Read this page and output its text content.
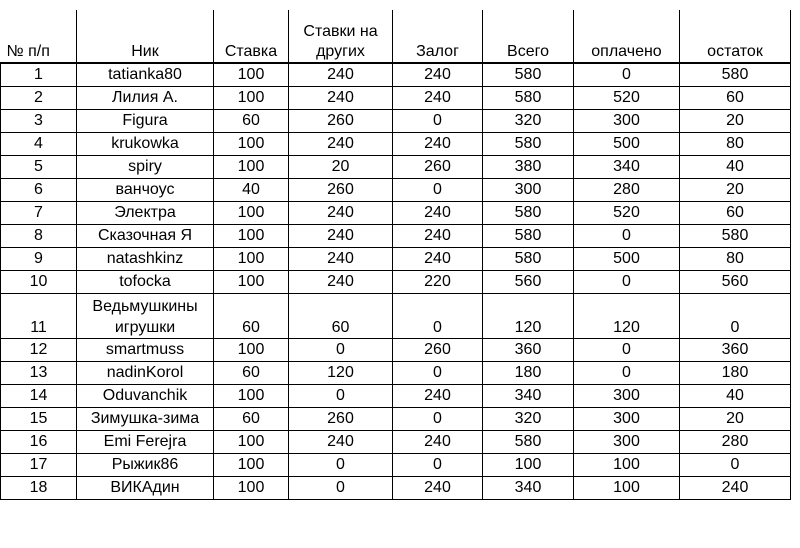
№ п/п	Ник	Ставка	Ставки на других	Залог	Всего	оплачено	остаток
1	tatianka80	100	240	240	580	0	580
2	Лилия А.	100	240	240	580	520	60
3	Figura	60	260	0	320	300	20
4	krukowka	100	240	240	580	500	80
5	spiry	100	20	260	380	340	40
6	ванчоус	40	260	0	300	280	20
7	Электра	100	240	240	580	520	60
8	Сказочная Я	100	240	240	580	0	580
9	natashkinz	100	240	240	580	500	80
10	tofocka	100	240	220	560	0	560
11	Ведьмушкины игрушки	60	60	0	120	120	0
12	smartmuss	100	0	260	360	0	360
13	nadinKorol	60	120	0	180	0	180
14	Oduvanchik	100	0	240	340	300	40
15	Зимушка-зима	60	260	0	320	300	20
16	Emi Ferejra	100	240	240	580	300	280
17	Рыжик86	100	0	0	100	100	0
18	ВИКАдин	100	0	240	340	100	240
